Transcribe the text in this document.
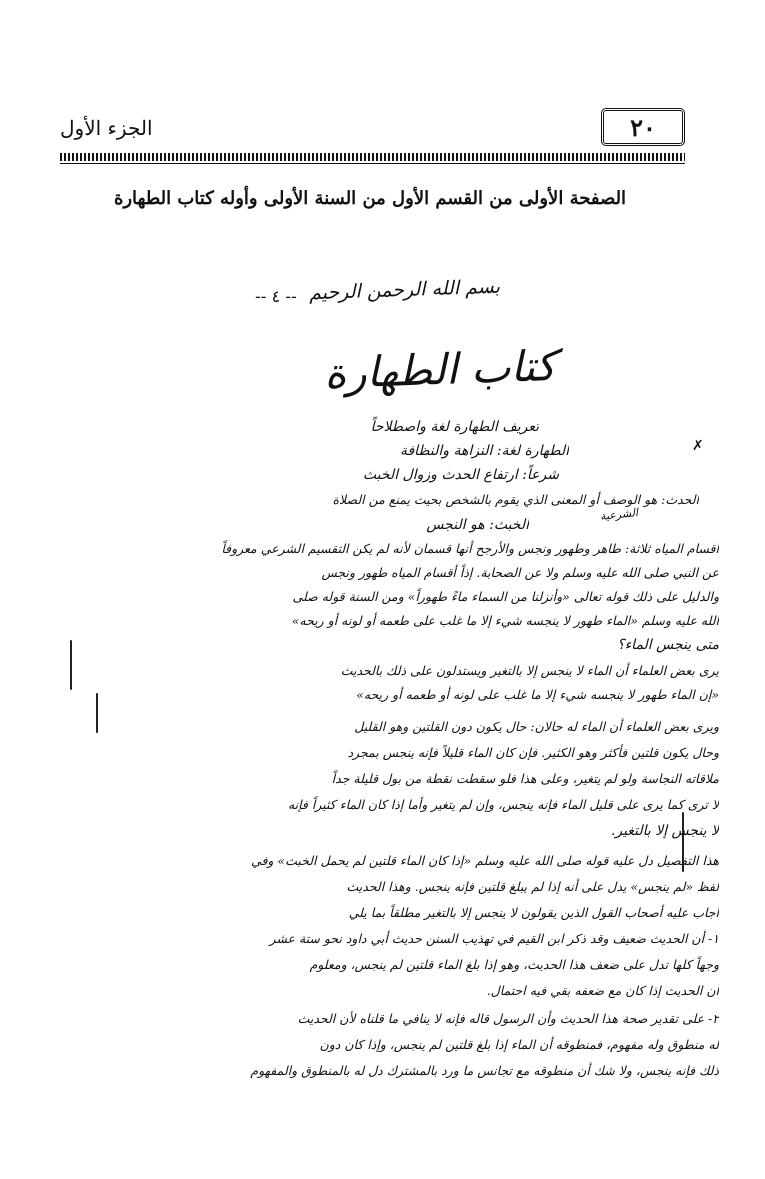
٢٠
الجزء الأول
الصفحة الأولى من القسم الأول من السنة الأولى وأوله كتاب الطهارة
بسم الله الرحمن الرحيم
-- ٤ --
كتاب الطهارة
الشرعية
✗
تعريف الطهارة لغة واصطلاحاً
الطهارة لغة: النزاهة والنظافة
شرعاً: ارتفاع الحدث وزوال الخبث
الحدث: هو الوصف أو المعنى الذي يقوم بالشخص بحيث يمنع من الصلاة
الخبث: هو النجس
أقسام المياه ثلاثة: طاهر وطهور ونجس والأرجح أنها قسمان لأنه لم يكن التقسيم الشرعي معروفاً
عن النبي صلى الله عليه وسلم ولا عن الصحابة. إذاً أقسام المياه طهور ونجس
والدليل على ذلك قوله تعالى «وأنزلنا من السماء ماءً طهوراً» ومن السنة قوله صلى
الله عليه وسلم «الماء طهور لا ينجسه شيء إلا ما غلب على طعمه أو لونه أو ريحه»
متى ينجس الماء؟
يرى بعض العلماء أن الماء لا ينجس إلا بالتغير ويستدلون على ذلك بالحديث
«إن الماء طهور لا ينجسه شيء إلا ما غلب على لونه أو طعمه أو ريحه»
ويرى بعض العلماء أن الماء له حالان: حال يكون دون القلتين وهو القليل
وحال يكون قلتين فأكثر وهو الكثير. فإن كان الماء قليلاً فإنه ينجس بمجرد
ملاقاته النجاسة ولو لم يتغير، وعلى هذا فلو سقطت نقطة من بول قليلة جداً
لا ترى كما يرى على قليل الماء فإنه ينجس، وإن لم يتغير وأما إذا كان الماء كثيراً فإنه
لا ينجس إلا بالتغير.
هذا التفصيل دل عليه قوله صلى الله عليه وسلم «إذا كان الماء قلتين لم يحمل الخبث» وفي
لفظ «لم ينجس» يدل على أنه إذا لم يبلغ قلتين فإنه ينجس. وهذا الحديث
أجاب عليه أصحاب القول الذين يقولون لا ينجس إلا بالتغير مطلقاً بما يلي
١- أن الحديث ضعيف وقد ذكر ابن القيم في تهذيب السنن حديث أبي داود نحو ستة عشر
وجهاً كلها تدل على ضعف هذا الحديث، وهو إذا بلغ الماء قلتين لم ينجس، ومعلوم
أن الحديث إذا كان مع ضعفه بقي فيه احتمال.
٢- على تقدير صحة هذا الحديث وأن الرسول قاله فإنه لا ينافي ما قلناه لأن الحديث
له منطوق وله مفهوم، فمنطوقه أن الماء إذا بلغ قلتين لم ينجس، وإذا كان دون
ذلك فإنه ينجس، ولا شك أن منطوقه مع تجانس ما ورد بالمشترك دل له بالمنطوق والمفهوم
